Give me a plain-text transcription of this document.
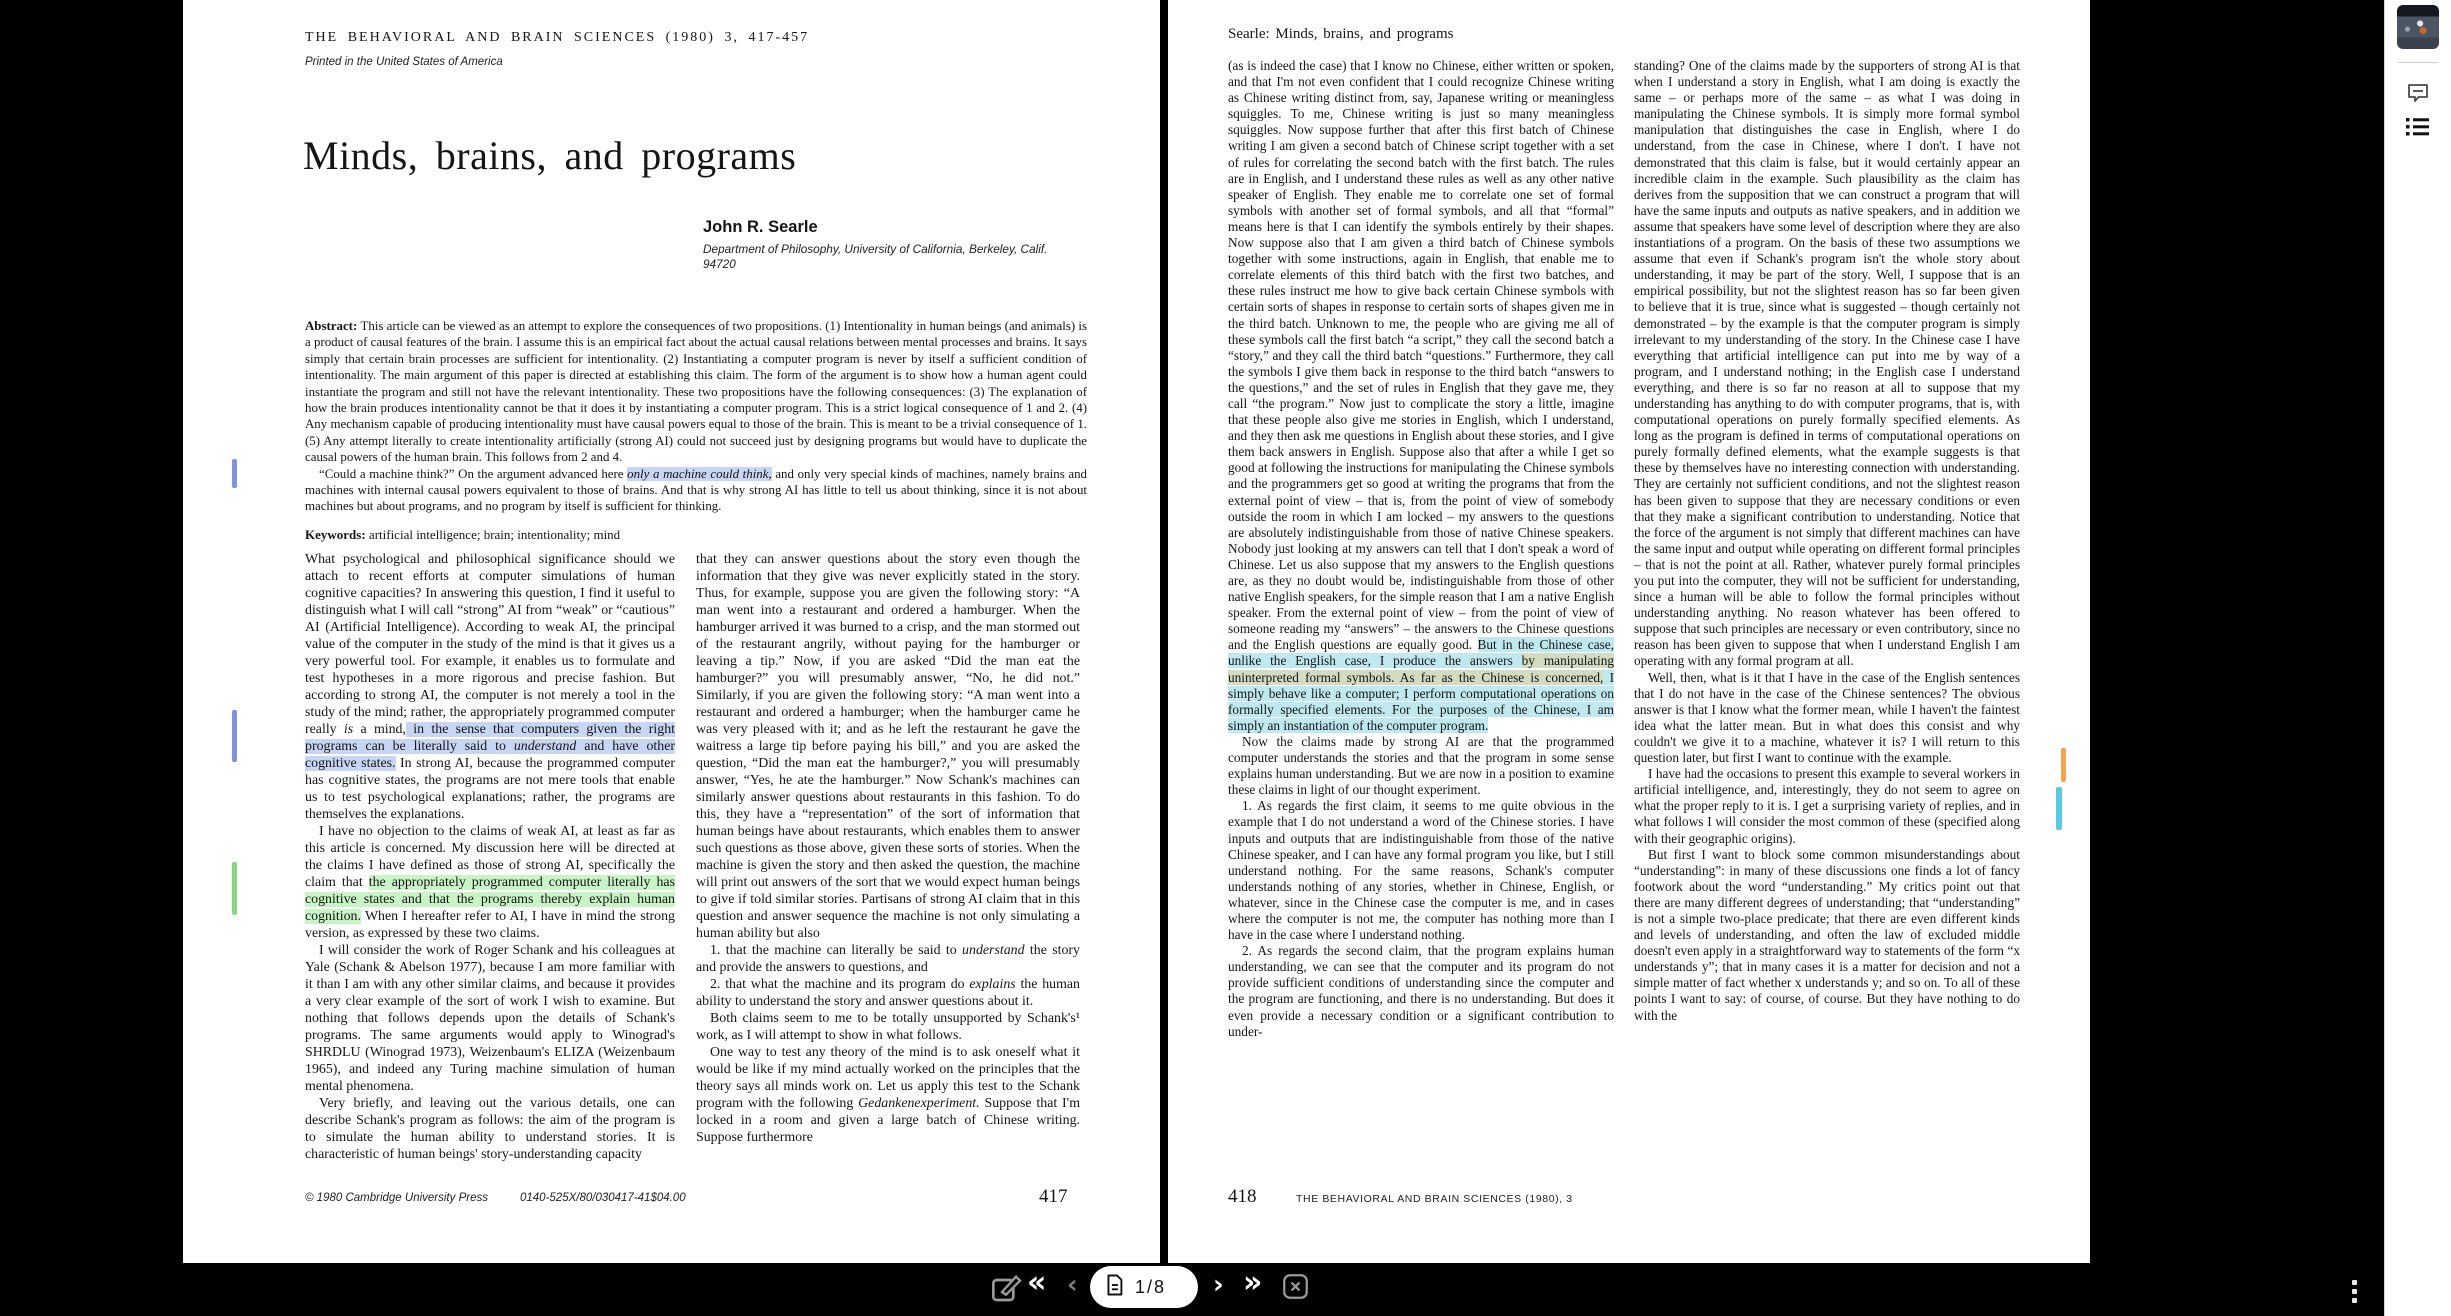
THE BEHAVIORAL AND BRAIN SCIENCES (1980) 3, 417-457
Printed in the United States of America
Minds, brains, and programs
John R. Searle
Department of Philosophy, University of California, Berkeley, Calif.
94720

Abstract: This article can be viewed as an attempt to explore the consequences of two propositions. (1) Intentionality in human beings (and animals) is a product of causal features of the brain. I assume this is an empirical fact about the actual causal relations between mental processes and brains. It says simply that certain brain processes are sufficient for intentionality. (2) Instantiating a computer program is never by itself a sufficient condition of intentionality. The main argument of this paper is directed at establishing this claim. The form of the argument is to show how a human agent could instantiate the program and still not have the relevant intentionality. These two propositions have the following consequences: (3) The explanation of how the brain produces intentionality cannot be that it does it by instantiating a computer program. This is a strict logical consequence of 1 and 2. (4) Any mechanism capable of producing intentionality must have causal powers equal to those of the brain. This is meant to be a trivial consequence of 1. (5) Any attempt literally to create intentionality artificially (strong AI) could not succeed just by designing programs but would have to duplicate the causal powers of the human brain. This follows from 2 and 4.

“Could a machine think?” On the argument advanced here only a machine could think, and only very special kinds of machines, namely brains and machines with internal causal powers equivalent to those of brains. And that is why strong AI has little to tell us about thinking, since it is not about machines but about programs, and no program by itself is sufficient for thinking.

Keywords: artificial intelligence; brain; intentionality; mind

What psychological and philosophical significance should we attach to recent efforts at computer simulations of human cognitive capacities? In answering this question, I find it useful to distinguish what I will call “strong” AI from “weak” or “cautious” AI (Artificial Intelligence). According to weak AI, the principal value of the computer in the study of the mind is that it gives us a very powerful tool. For example, it enables us to formulate and test hypotheses in a more rigorous and precise fashion. But according to strong AI, the computer is not merely a tool in the study of the mind; rather, the appropriately programmed computer really is a mind, in the sense that computers given the right programs can be literally said to understand and have other cognitive states. In strong AI, because the programmed computer has cognitive states, the programs are not mere tools that enable us to test psychological explanations; rather, the programs are themselves the explanations.

I have no objection to the claims of weak AI, at least as far as this article is concerned. My discussion here will be directed at the claims I have defined as those of strong AI, specifically the claim that the appropriately programmed computer literally has cognitive states and that the programs thereby explain human cognition. When I hereafter refer to AI, I have in mind the strong version, as expressed by these two claims.

I will consider the work of Roger Schank and his colleagues at Yale (Schank & Abelson 1977), because I am more familiar with it than I am with any other similar claims, and because it provides a very clear example of the sort of work I wish to examine. But nothing that follows depends upon the details of Schank's programs. The same arguments would apply to Winograd's SHRDLU (Winograd 1973), Weizenbaum's ELIZA (Weizenbaum 1965), and indeed any Turing machine simulation of human mental phenomena.

Very briefly, and leaving out the various details, one can describe Schank's program as follows: the aim of the program is to simulate the human ability to understand stories. It is characteristic of human beings' story-understanding capacity

that they can answer questions about the story even though the information that they give was never explicitly stated in the story. Thus, for example, suppose you are given the following story: “A man went into a restaurant and ordered a hamburger. When the hamburger arrived it was burned to a crisp, and the man stormed out of the restaurant angrily, without paying for the hamburger or leaving a tip.” Now, if you are asked “Did the man eat the hamburger?” you will presumably answer, “No, he did not.” Similarly, if you are given the following story: “A man went into a restaurant and ordered a hamburger; when the hamburger came he was very pleased with it; and as he left the restaurant he gave the waitress a large tip before paying his bill,” and you are asked the question, “Did the man eat the hamburger?,” you will presumably answer, “Yes, he ate the hamburger.” Now Schank's machines can similarly answer questions about restaurants in this fashion. To do this, they have a “representation” of the sort of information that human beings have about restaurants, which enables them to answer such questions as those above, given these sorts of stories. When the machine is given the story and then asked the question, the machine will print out answers of the sort that we would expect human beings to give if told similar stories. Partisans of strong AI claim that in this question and answer sequence the machine is not only simulating a human ability but also

1. that the machine can literally be said to understand the story and provide the answers to questions, and

2. that what the machine and its program do explains the human ability to understand the story and answer questions about it.

Both claims seem to me to be totally unsupported by Schank's¹ work, as I will attempt to show in what follows.

One way to test any theory of the mind is to ask oneself what it would be like if my mind actually worked on the principles that the theory says all minds work on. Let us apply this test to the Schank program with the following Gedankenexperiment. Suppose that I'm locked in a room and given a large batch of Chinese writing. Suppose furthermore

© 1980 Cambridge University Press	0140-525X/80/030417-41$04.00	417
Searle: Minds, brains, and programs

(as is indeed the case) that I know no Chinese, either written or spoken, and that I'm not even confident that I could recognize Chinese writing as Chinese writing distinct from, say, Japanese writing or meaningless squiggles. To me, Chinese writing is just so many meaningless squiggles. Now suppose further that after this first batch of Chinese writing I am given a second batch of Chinese script together with a set of rules for correlating the second batch with the first batch. The rules are in English, and I understand these rules as well as any other native speaker of English. They enable me to correlate one set of formal symbols with another set of formal symbols, and all that “formal” means here is that I can identify the symbols entirely by their shapes. Now suppose also that I am given a third batch of Chinese symbols together with some instructions, again in English, that enable me to correlate elements of this third batch with the first two batches, and these rules instruct me how to give back certain Chinese symbols with certain sorts of shapes in response to certain sorts of shapes given me in the third batch. Unknown to me, the people who are giving me all of these symbols call the first batch “a script,” they call the second batch a “story,” and they call the third batch “questions.” Furthermore, they call the symbols I give them back in response to the third batch “answers to the questions,” and the set of rules in English that they gave me, they call “the program.” Now just to complicate the story a little, imagine that these people also give me stories in English, which I understand, and they then ask me questions in English about these stories, and I give them back answers in English. Suppose also that after a while I get so good at following the instructions for manipulating the Chinese symbols and the programmers get so good at writing the programs that from the external point of view – that is, from the point of view of somebody outside the room in which I am locked – my answers to the questions are absolutely indistinguishable from those of native Chinese speakers. Nobody just looking at my answers can tell that I don't speak a word of Chinese. Let us also suppose that my answers to the English questions are, as they no doubt would be, indistinguishable from those of other native English speakers, for the simple reason that I am a native English speaker. From the external point of view – from the point of view of someone reading my “answers” – the answers to the Chinese questions and the English questions are equally good. But in the Chinese case, unlike the English case, I produce the answers by manipulating uninterpreted formal symbols. As far as the Chinese is concerned, I simply behave like a computer; I perform computational operations on formally specified elements. For the purposes of the Chinese, I am simply an instantiation of the computer program.

Now the claims made by strong AI are that the programmed computer understands the stories and that the program in some sense explains human understanding. But we are now in a position to examine these claims in light of our thought experiment.

1. As regards the first claim, it seems to me quite obvious in the example that I do not understand a word of the Chinese stories. I have inputs and outputs that are indistinguishable from those of the native Chinese speaker, and I can have any formal program you like, but I still understand nothing. For the same reasons, Schank's computer understands nothing of any stories, whether in Chinese, English, or whatever, since in the Chinese case the computer is me, and in cases where the computer is not me, the computer has nothing more than I have in the case where I understand nothing.

2. As regards the second claim, that the program explains human understanding, we can see that the computer and its program do not provide sufficient conditions of understanding since the computer and the program are functioning, and there is no understanding. But does it even provide a necessary condition or a significant contribution to under-

standing? One of the claims made by the supporters of strong AI is that when I understand a story in English, what I am doing is exactly the same – or perhaps more of the same – as what I was doing in manipulating the Chinese symbols. It is simply more formal symbol manipulation that distinguishes the case in English, where I do understand, from the case in Chinese, where I don't. I have not demonstrated that this claim is false, but it would certainly appear an incredible claim in the example. Such plausibility as the claim has derives from the supposition that we can construct a program that will have the same inputs and outputs as native speakers, and in addition we assume that speakers have some level of description where they are also instantiations of a program. On the basis of these two assumptions we assume that even if Schank's program isn't the whole story about understanding, it may be part of the story. Well, I suppose that is an empirical possibility, but not the slightest reason has so far been given to believe that it is true, since what is suggested – though certainly not demonstrated – by the example is that the computer program is simply irrelevant to my understanding of the story. In the Chinese case I have everything that artificial intelligence can put into me by way of a program, and I understand nothing; in the English case I understand everything, and there is so far no reason at all to suppose that my understanding has anything to do with computer programs, that is, with computational operations on purely formally specified elements. As long as the program is defined in terms of computational operations on purely formally defined elements, what the example suggests is that these by themselves have no interesting connection with understanding. They are certainly not sufficient conditions, and not the slightest reason has been given to suppose that they are necessary conditions or even that they make a significant contribution to understanding. Notice that the force of the argument is not simply that different machines can have the same input and output while operating on different formal principles – that is not the point at all. Rather, whatever purely formal principles you put into the computer, they will not be sufficient for understanding, since a human will be able to follow the formal principles without understanding anything. No reason whatever has been offered to suppose that such principles are necessary or even contributory, since no reason has been given to suppose that when I understand English I am operating with any formal program at all.

Well, then, what is it that I have in the case of the English sentences that I do not have in the case of the Chinese sentences? The obvious answer is that I know what the former mean, while I haven't the faintest idea what the latter mean. But in what does this consist and why couldn't we give it to a machine, whatever it is? I will return to this question later, but first I want to continue with the example.

I have had the occasions to present this example to several workers in artificial intelligence, and, interestingly, they do not seem to agree on what the proper reply to it is. I get a surprising variety of replies, and in what follows I will consider the most common of these (specified along with their geographic origins).

But first I want to block some common misunderstandings about “understanding”: in many of these discussions one finds a lot of fancy footwork about the word “understanding.” My critics point out that there are many different degrees of understanding; that “understanding” is not a simple two-place predicate; that there are even different kinds and levels of understanding, and often the law of excluded middle doesn't even apply in a straightforward way to statements of the form “x understands y”; that in many cases it is a matter for decision and not a simple matter of fact whether x understands y; and so on. To all of these points I want to say: of course, of course. But they have nothing to do with the

418	THE BEHAVIORAL AND BRAIN SCIENCES (1980), 3
« ‹	1/8 › »
